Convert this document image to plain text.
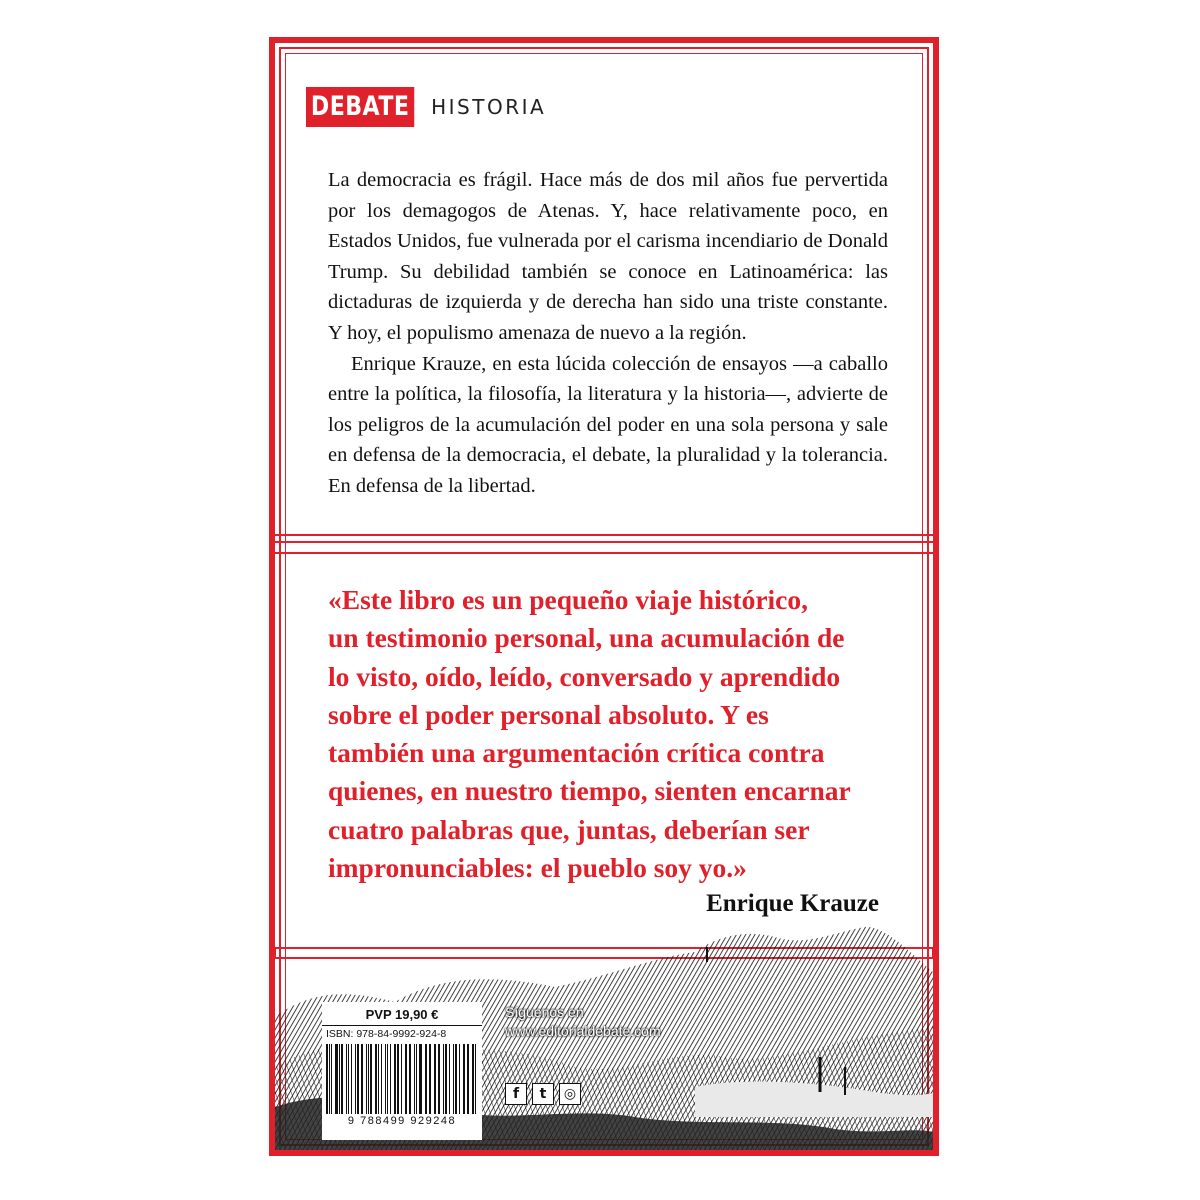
DEBATE HISTORIA

La democracia es frágil. Hace más de dos mil años fue pervertida por los demagogos de Atenas. Y, hace relativamente poco, en Estados Unidos, fue vulnerada por el carisma incendiario de Donald Trump. Su debilidad también se conoce en Latinoamérica: las dictaduras de izquierda y de derecha han sido una triste constante. Y hoy, el populismo amenaza de nuevo a la región.

Enrique Krauze, en esta lúcida colección de ensayos —a caballo entre la política, la filosofía, la literatura y la historia—, advierte de los peligros de la acumulación del poder en una sola persona y sale en defensa de la democracia, el debate, la pluralidad y la tolerancia. En defensa de la libertad.

«Este libro es un pequeño viaje histórico,
un testimonio personal, una acumulación de
lo visto, oído, leído, conversado y aprendido
sobre el poder personal absoluto. Y es
también una argumentación crítica contra
quienes, en nuestro tiempo, sienten encarnar
cuatro palabras que, juntas, deberían ser
impronunciables: el pueblo soy yo.»
Enrique Krauze
PVP 19,90 €
ISBN: 978-84-9992-924-8
9 788499 929248
Síguenos en
www.editorialdebate.com
f	t	◎
